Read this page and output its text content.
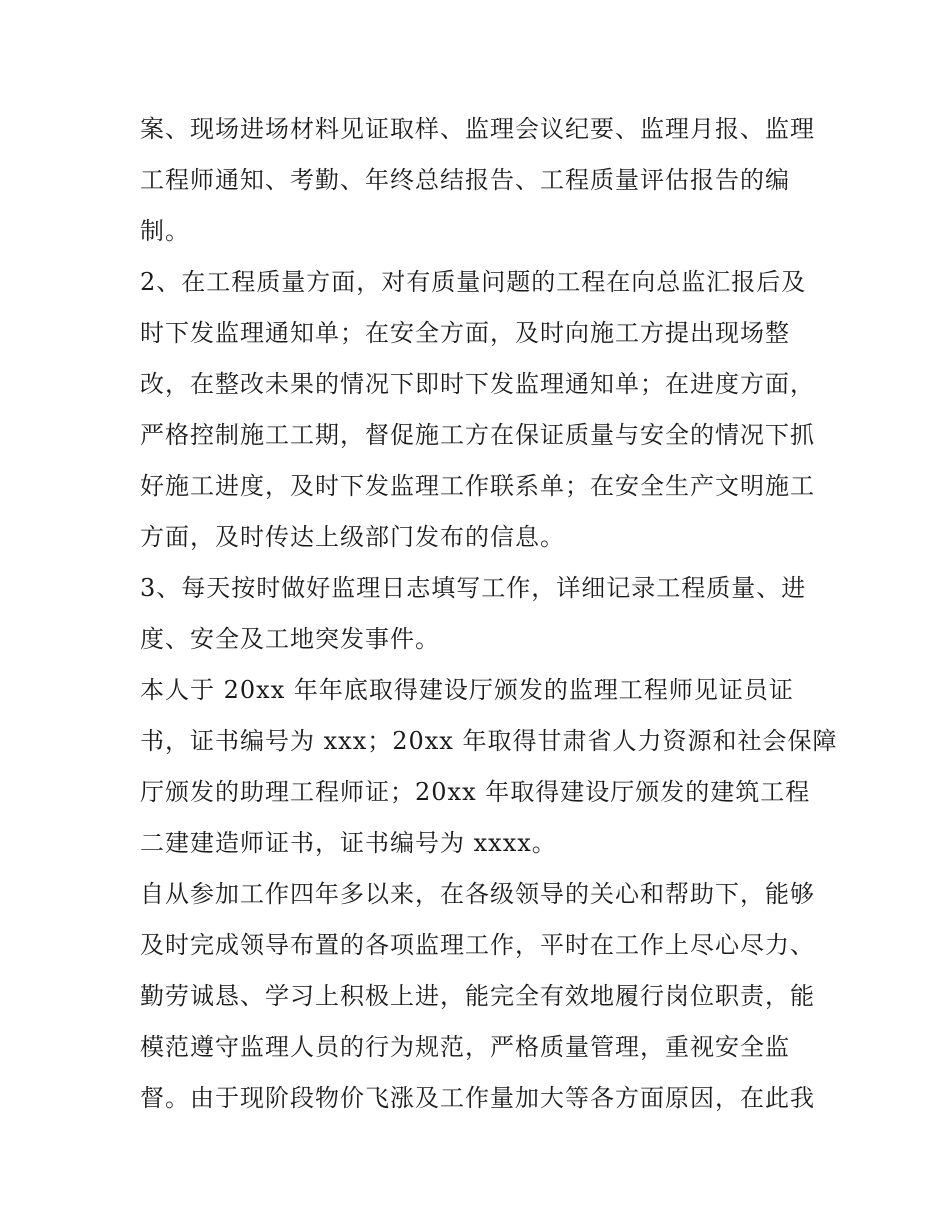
案、现场进场材料见证取样、监理会议纪要、监理月报、监理
工程师通知、考勤、年终总结报告、工程质量评估报告的编
制。
2、在工程质量方面，对有质量问题的工程在向总监汇报后及
时下发监理通知单；在安全方面，及时向施工方提出现场整
改，在整改未果的情况下即时下发监理通知单；在进度方面，
严格控制施工工期，督促施工方在保证质量与安全的情况下抓
好施工进度，及时下发监理工作联系单；在安全生产文明施工
方面，及时传达上级部门发布的信息。
3、每天按时做好监理日志填写工作，详细记录工程质量、进
度、安全及工地突发事件。
本人于 20xx 年年底取得建设厅颁发的监理工程师见证员证
书，证书编号为 xxx；20xx 年取得甘肃省人力资源和社会保障
厅颁发的助理工程师证；20xx 年取得建设厅颁发的建筑工程
二建建造师证书，证书编号为 xxxx。
自从参加工作四年多以来，在各级领导的关心和帮助下，能够
及时完成领导布置的各项监理工作，平时在工作上尽心尽力、
勤劳诚恳、学习上积极上进，能完全有效地履行岗位职责，能
模范遵守监理人员的行为规范，严格质量管理，重视安全监
督。由于现阶段物价飞涨及工作量加大等各方面原因，在此我
